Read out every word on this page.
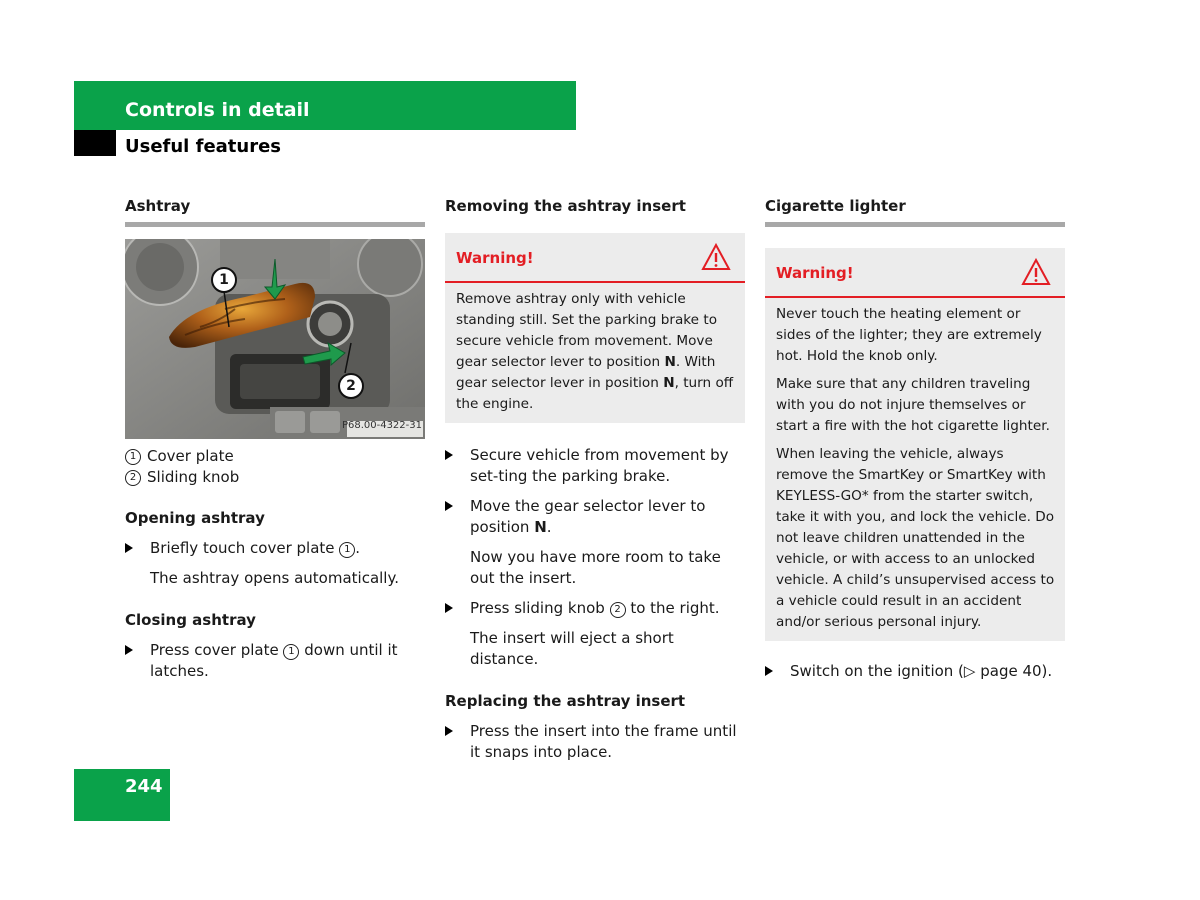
Controls in detail
Useful features
Ashtray
1
2
P68.00-4322-31
1 Cover plate
2 Sliding knob
Opening ashtray
Briefly touch cover plate 1 .
The ashtray opens automatically.
Closing ashtray
Press cover plate 1 down until it latches.
Removing the ashtray insert
Warning!

Remove ashtray only with vehicle standing still. Set the parking brake to secure vehicle from movement. Move gear selector lever to position N. With gear selector lever in position N, turn off the engine.

Secure vehicle from movement by set-ting the parking brake.
Move the gear selector lever to position N.
Now you have more room to take out the insert.
Press sliding knob 2 to the right.
The insert will eject a short distance.
Replacing the ashtray insert
Press the insert into the frame until it snaps into place.
Cigarette lighter
Warning!

Never touch the heating element or sides of the lighter; they are extremely hot. Hold the knob only.

Make sure that any children traveling with you do not injure themselves or start a fire with the hot cigarette lighter.

When leaving the vehicle, always remove the SmartKey or SmartKey with KEYLESS-GO* from the starter switch, take it with you, and lock the vehicle. Do not leave children unattended in the vehicle, or with access to an unlocked vehicle. A child’s unsupervised access to a vehicle could result in an accident and/or serious personal injury.

Switch on the ignition (▷ page 40).
244
